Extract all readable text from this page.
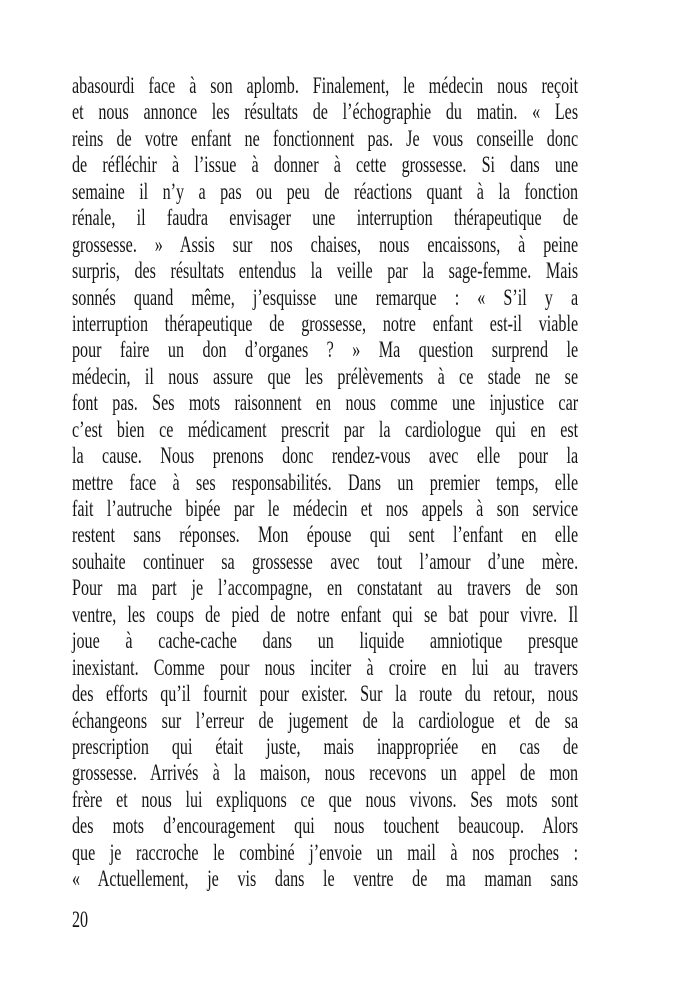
abasourdi face à son aplomb. Finalement, le médecin nous reçoit
et nous annonce les résultats de l’échographie du matin. « Les
reins de votre enfant ne fonctionnent pas. Je vous conseille donc
de réfléchir à l’issue à donner à cette grossesse. Si dans une
semaine il n’y a pas ou peu de réactions quant à la fonction
rénale, il faudra envisager une interruption thérapeutique de
grossesse. » Assis sur nos chaises, nous encaissons, à peine
surpris, des résultats entendus la veille par la sage-femme. Mais
sonnés quand même, j’esquisse une remarque : « S’il y a
interruption thérapeutique de grossesse, notre enfant est-il viable
pour faire un don d’organes ? » Ma question surprend le
médecin, il nous assure que les prélèvements à ce stade ne se
font pas. Ses mots raisonnent en nous comme une injustice car
c’est bien ce médicament prescrit par la cardiologue qui en est
la cause. Nous prenons donc rendez-vous avec elle pour la
mettre face à ses responsabilités. Dans un premier temps, elle
fait l’autruche bipée par le médecin et nos appels à son service
restent sans réponses. Mon épouse qui sent l’enfant en elle
souhaite continuer sa grossesse avec tout l’amour d’une mère.
Pour ma part je l’accompagne, en constatant au travers de son
ventre, les coups de pied de notre enfant qui se bat pour vivre. Il
joue à cache-cache dans un liquide amniotique presque
inexistant. Comme pour nous inciter à croire en lui au travers
des efforts qu’il fournit pour exister. Sur la route du retour, nous
échangeons sur l’erreur de jugement de la cardiologue et de sa
prescription qui était juste, mais inappropriée en cas de
grossesse. Arrivés à la maison, nous recevons un appel de mon
frère et nous lui expliquons ce que nous vivons. Ses mots sont
des mots d’encouragement qui nous touchent beaucoup. Alors
que je raccroche le combiné j’envoie un mail à nos proches :
« Actuellement, je vis dans le ventre de ma maman sans
20
